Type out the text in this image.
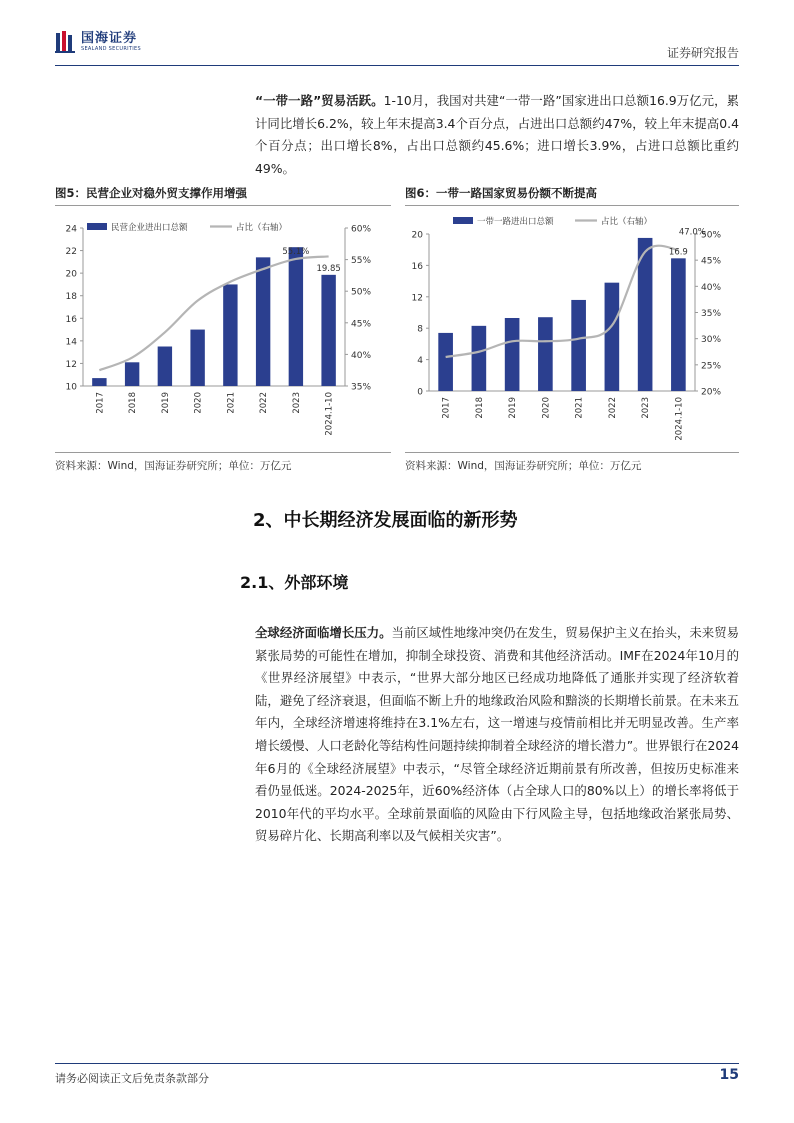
国海证券
SEALAND SECURITIES	证券研究报告
“一带一路”贸易活跃。1-10月，我国对共建“一带一路”国家进出口总额16.9万亿元，累计同比增长6.2%，较上年末提高3.4个百分点，占进出口总额约47%，较上年末提高0.4个百分点；出口增长8%，占出口总额约45.6%；进口增长3.9%，占进口总额比重约49%。
图5：民营企业对稳外贸支撑作用增强	图6：一带一路国家贸易份额不断提高
10
12
14
16
18
20
22
24
35%
40%
45%
50%
55%
60%
2017	2018	2019	2020	2021	2022	2023	2024.1-10
19.85
55.1%
民营企业进出口总额	占比（右轴）
0
4
8
12
16
20
20%
25%
30%
35%
40%
45%
50%
2017	2018	2019	2020	2021	2022	2023	2024.1-10
16.9
47.0%
一带一路进出口总额	占比（右轴）
资料来源：Wind，国海证券研究所；单位：万亿元	资料来源：Wind，国海证券研究所；单位：万亿元
2、中长期经济发展面临的新形势
2.1、外部环境
全球经济面临增长压力。当前区域性地缘冲突仍在发生，贸易保护主义在抬头，未来贸易紧张局势的可能性在增加，抑制全球投资、消费和其他经济活动。IMF在2024年10月的《世界经济展望》中表示，“世界大部分地区已经成功地降低了通胀并实现了经济软着陆，避免了经济衰退，但面临不断上升的地缘政治风险和黯淡的长期增长前景。在未来五年内，全球经济增速将维持在3.1%左右，这一增速与疫情前相比并无明显改善。生产率增长缓慢、人口老龄化等结构性问题持续抑制着全球经济的增长潜力”。世界银行在2024年6月的《全球经济展望》中表示，“尽管全球经济近期前景有所改善，但按历史标准来看仍显低迷。2024-2025年，近60%经济体（占全球人口的80%以上）的增长率将低于2010年代的平均水平。全球前景面临的风险由下行风险主导，包括地缘政治紧张局势、贸易碎片化、长期高利率以及气候相关灾害”。
请务必阅读正文后免责条款部分	15
